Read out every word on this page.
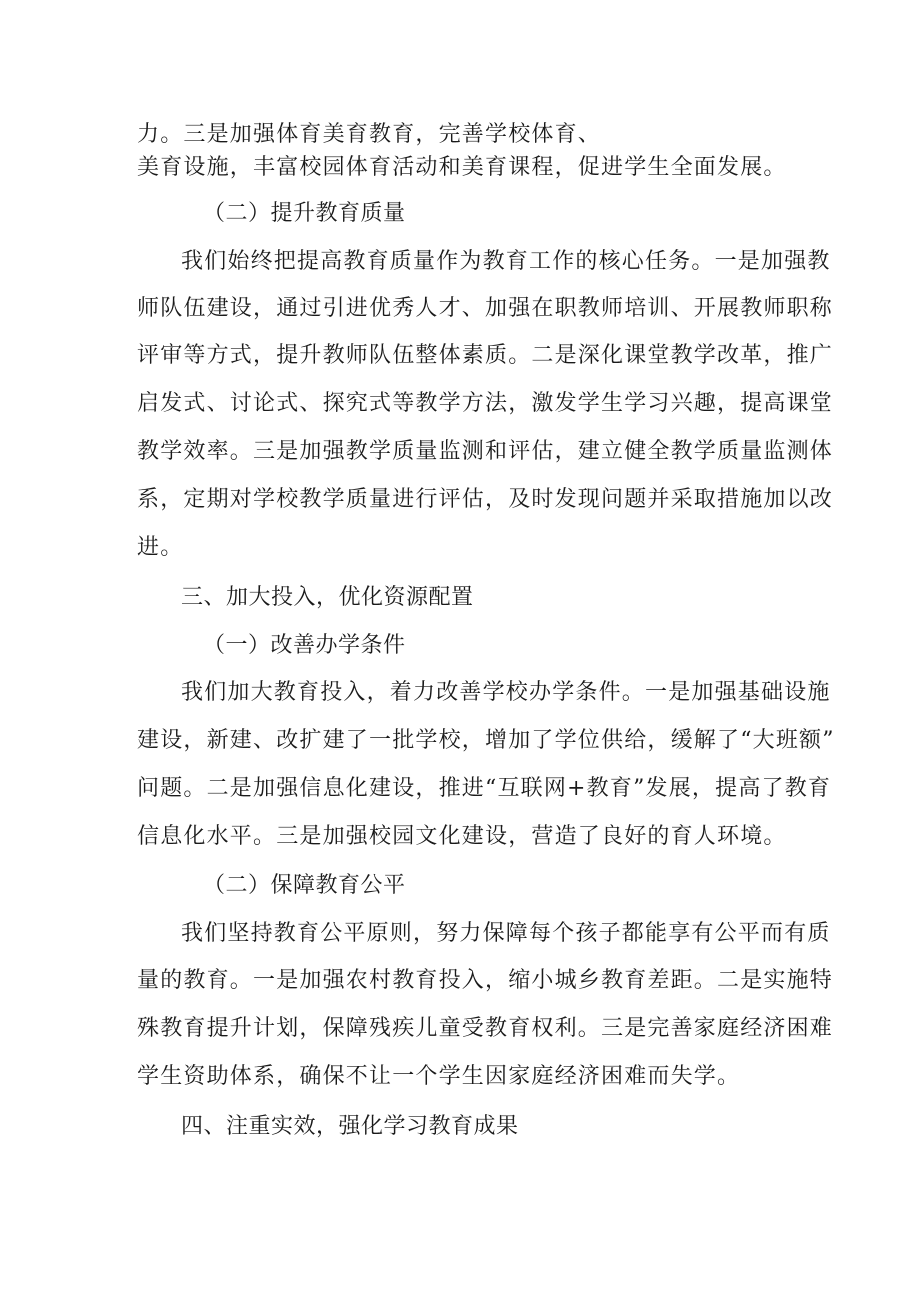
力。三是加强体育美育教育，完善学校体育、
美育设施，丰富校园体育活动和美育课程，促进学生全面发展。
（二）提升教育质量
我们始终把提高教育质量作为教育工作的核心任务。一是加强教
师队伍建设，通过引进优秀人才、加强在职教师培训、开展教师职称
评审等方式，提升教师队伍整体素质。二是深化课堂教学改革，推广
启发式、讨论式、探究式等教学方法，激发学生学习兴趣，提高课堂
教学效率。三是加强教学质量监测和评估，建立健全教学质量监测体
系，定期对学校教学质量进行评估，及时发现问题并采取措施加以改
进。
三、加大投入，优化资源配置
（一）改善办学条件
我们加大教育投入，着力改善学校办学条件。一是加强基础设施
建设，新建、改扩建了一批学校，增加了学位供给，缓解了“大班额”
问题。二是加强信息化建设，推进“互联网+教育”发展，提高了教育
信息化水平。三是加强校园文化建设，营造了良好的育人环境。
（二）保障教育公平
我们坚持教育公平原则，努力保障每个孩子都能享有公平而有质
量的教育。一是加强农村教育投入，缩小城乡教育差距。二是实施特
殊教育提升计划，保障残疾儿童受教育权利。三是完善家庭经济困难
学生资助体系，确保不让一个学生因家庭经济困难而失学。
四、注重实效，强化学习教育成果
